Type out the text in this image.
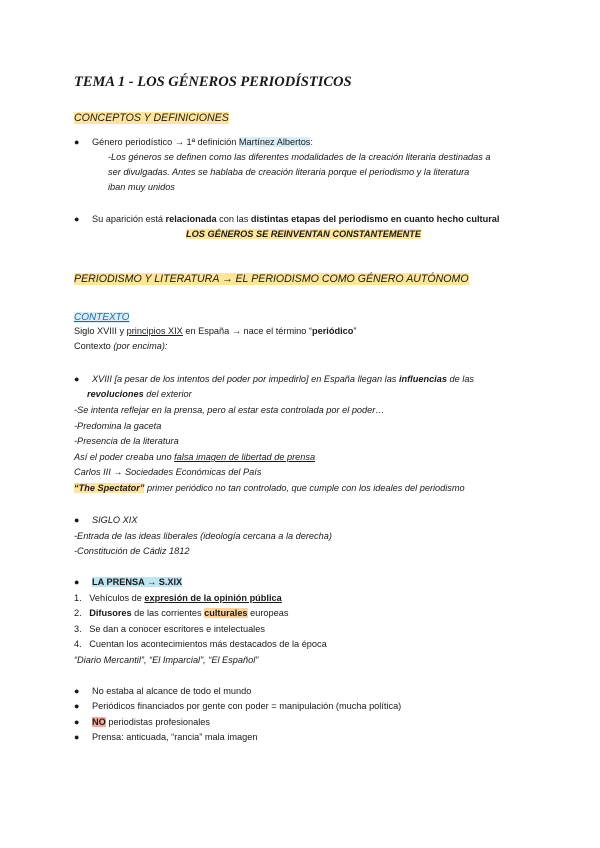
TEMA 1 - LOS GÉNEROS PERIODÍSTICOS
CONCEPTOS Y DEFINICIONES
● Género periodístico → 1ª definición Martínez Albertos:
-Los géneros se definen como las diferentes modalidades de la creación literaria destinadas a
ser divulgadas. Antes se hablaba de creación literaria porque el periodismo y la literatura
iban muy unidos
● Su aparición está relacionada con las distintas etapas del periodismo en cuanto hecho cultural
LOS GÉNEROS SE REINVENTAN CONSTANTEMENTE
PERIODISMO Y LITERATURA → EL PERIODISMO COMO GÉNERO AUTÓNOMO
CONTEXTO
Siglo XVIII y principios XIX en España → nace el término “periódico”
Contexto (por encima):
● XVIII [a pesar de los intentos del poder por impedirlo] en España llegan las influencias de las
revoluciones del exterior
-Se intenta reflejar en la prensa, pero al estar esta controlada por el poder…
-Predomina la gaceta
-Presencia de la literatura
Así el poder creaba uno falsa imagen de libertad de prensa
Carlos III → Sociedades Económicas del País
“The Spectator” primer periódico no tan controlado, que cumple con los ideales del periodismo
● SIGLO XIX
-Entrada de las ideas liberales (ideología cercana a la derecha)
-Constitución de Cádiz 1812
● LA PRENSA → S.XIX
1. Vehículos de expresión de la opinión pública
2. Difusores de las corrientes culturales europeas
3. Se dan a conocer escritores e intelectuales
4. Cuentan los acontecimientos más destacados de la época
“Diario Mercantil”, “El Imparcial”, “El Español”
● No estaba al alcance de todo el mundo
● Periódicos financiados por gente con poder = manipulación (mucha política)
● NO periodistas profesionales
● Prensa: anticuada, “rancia” mala imagen
